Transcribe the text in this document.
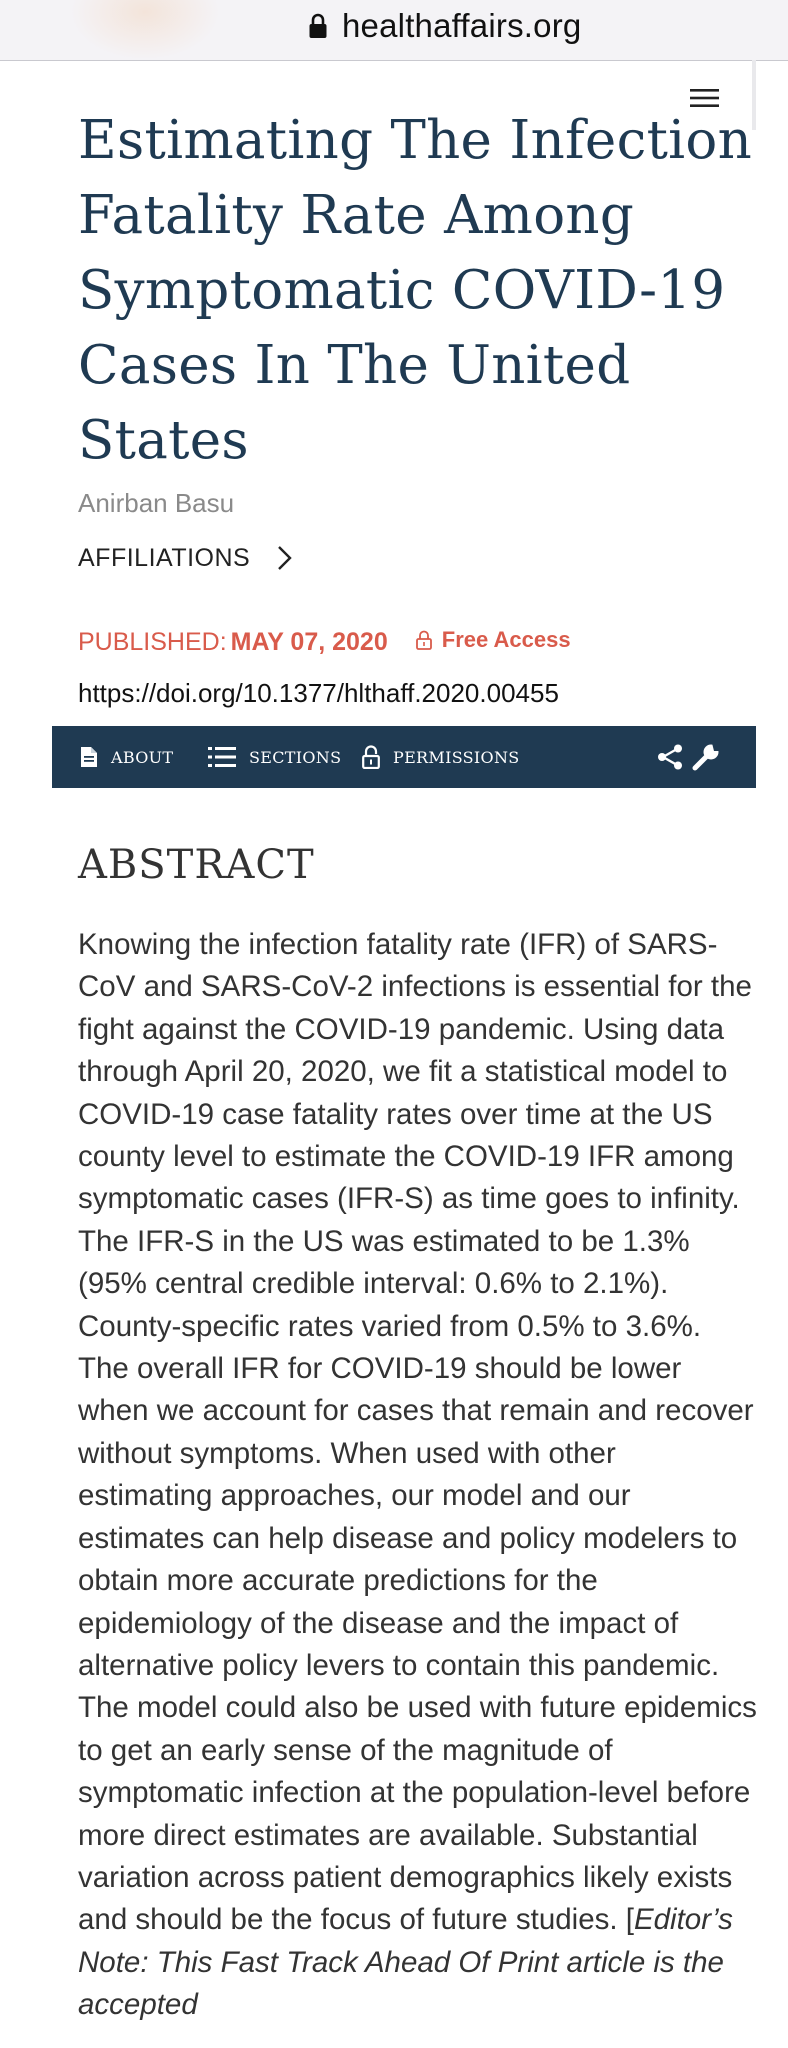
healthaffairs.org
Estimating The Infection Fatality Rate Among Symptomatic COVID-19 Cases In The United States
Anirban Basu
AFFILIATIONS
PUBLISHED: MAY 07, 2020 Free Access
https://doi.org/10.1377/hlthaff.2020.00455
ABOUT	SECTIONS	PERMISSIONS
ABSTRACT

Knowing the infection fatality rate (IFR) of SARS-CoV and SARS-CoV-2 infections is essential for the fight against the COVID-19 pandemic. Using data through April 20, 2020, we fit a statistical model to COVID-19 case fatality rates over time at the US county level to estimate the COVID-19 IFR among symptomatic cases (IFR-S) as time goes to infinity. The IFR-S in the US was estimated to be 1.3% (95% central credible interval: 0.6% to 2.1%). County-specific rates varied from 0.5% to 3.6%. The overall IFR for COVID-19 should be lower when we account for cases that remain and recover without symptoms. When used with other estimating approaches, our model and our estimates can help disease and policy modelers to obtain more accurate predictions for the epidemiology of the disease and the impact of alternative policy levers to contain this pandemic. The model could also be used with future epidemics to get an early sense of the magnitude of symptomatic infection at the population-level before more direct estimates are available. Substantial variation across patient demographics likely exists and should be the focus of future studies. [Editor’s Note: This Fast Track Ahead Of Print article is the accepted
